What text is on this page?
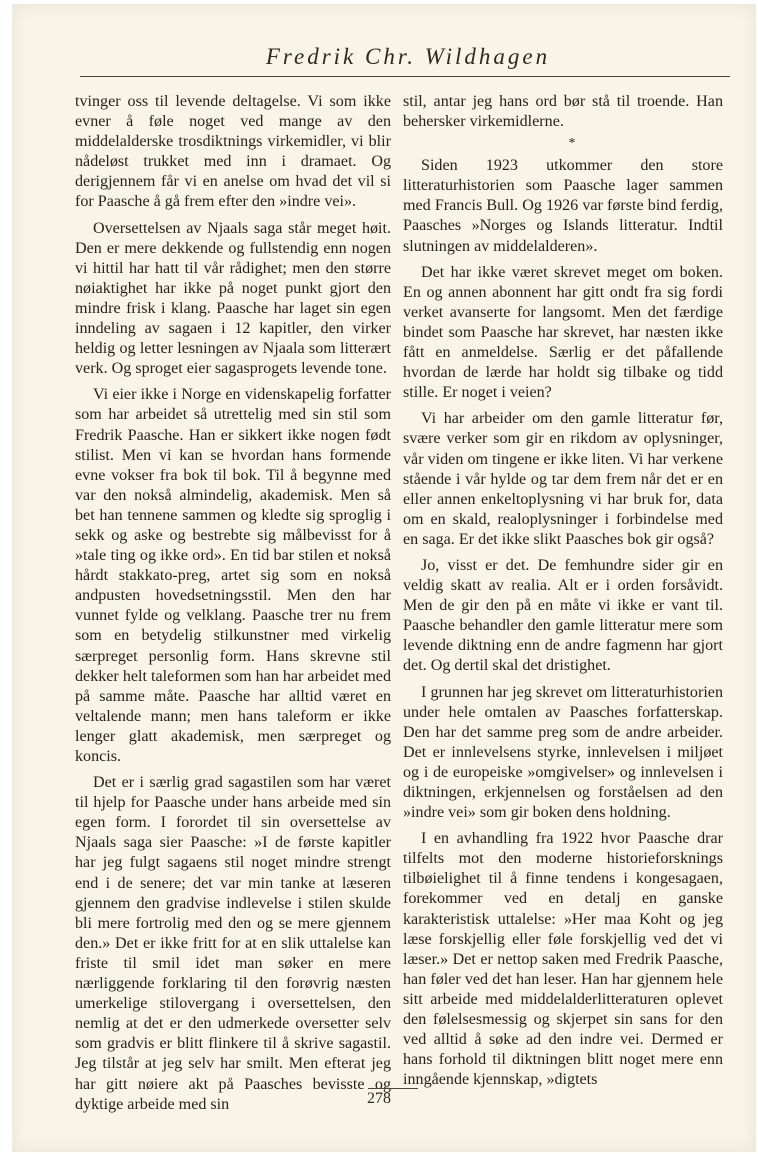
Fredrik Chr. Wildhagen

tvinger oss til levende deltagelse. Vi som ikke evner å føle noget ved mange av den middelalderske trosdiktnings virkemidler, vi blir nådeløst trukket med inn i dramaet. Og derigjennem får vi en anelse om hvad det vil si for Paasche å gå frem efter den »indre vei».

Oversettelsen av Njaals saga står meget høit. Den er mere dekkende og fullstendig enn nogen vi hittil har hatt til vår rådighet; men den større nøiaktighet har ikke på noget punkt gjort den mindre frisk i klang. Paasche har laget sin egen inndeling av sagaen i 12 kapitler, den virker heldig og letter lesningen av Njaala som litterært verk. Og sproget eier sagasprogets levende tone.

Vi eier ikke i Norge en videnskapelig forfatter som har arbeidet så utrettelig med sin stil som Fredrik Paasche. Han er sikkert ikke nogen født stilist. Men vi kan se hvordan hans formende evne vokser fra bok til bok. Til å begynne med var den nokså almindelig, akademisk. Men så bet han tennene sammen og kledte sig sproglig i sekk og aske og bestrebte sig målbevisst for å »tale ting og ikke ord». En tid bar stilen et nokså hårdt stakkato-preg, artet sig som en nokså andpusten hovedsetningsstil. Men den har vunnet fylde og velklang. Paasche trer nu frem som en betydelig stilkunstner med virkelig særpreget personlig form. Hans skrevne stil dekker helt taleformen som han har arbeidet med på samme måte. Paasche har alltid været en veltalende mann; men hans taleform er ikke lenger glatt akademisk, men særpreget og koncis.

Det er i særlig grad sagastilen som har været til hjelp for Paasche under hans arbeide med sin egen form. I forordet til sin oversettelse av Njaals saga sier Paasche: »I de første kapitler har jeg fulgt sagaens stil noget mindre strengt end i de senere; det var min tanke at læseren gjennem den gradvise indlevelse i stilen skulde bli mere fortrolig med den og se mere gjennem den.» Det er ikke fritt for at en slik uttalelse kan friste til smil idet man søker en mere nærliggende forklaring til den forøvrig næsten umerkelige stilovergang i oversettelsen, den nemlig at det er den udmerkede oversetter selv som gradvis er blitt flinkere til å skrive sagastil. Jeg tilstår at jeg selv har smilt. Men efterat jeg har gitt nøiere akt på Paasches bevisste og dyktige arbeide med sin

stil, antar jeg hans ord bør stå til troende. Han behersker virkemidlerne.

*

Siden 1923 utkommer den store litteraturhistorien som Paasche lager sammen med Francis Bull. Og 1926 var første bind ferdig, Paasches »Norges og Islands litteratur. Indtil slutningen av middelalderen».

Det har ikke været skrevet meget om boken. En og annen abonnent har gitt ondt fra sig fordi verket avanserte for langsomt. Men det færdige bindet som Paasche har skrevet, har næsten ikke fått en anmeldelse. Særlig er det påfallende hvordan de lærde har holdt sig tilbake og tidd stille. Er noget i veien?

Vi har arbeider om den gamle litteratur før, svære verker som gir en rikdom av oplysninger, vår viden om tingene er ikke liten. Vi har verkene stående i vår hylde og tar dem frem når det er en eller annen enkeltoplysning vi har bruk for, data om en skald, realoplysninger i forbindelse med en saga. Er det ikke slikt Paasches bok gir også?

Jo, visst er det. De femhundre sider gir en veldig skatt av realia. Alt er i orden forsåvidt. Men de gir den på en måte vi ikke er vant til. Paasche behandler den gamle litteratur mere som levende diktning enn de andre fagmenn har gjort det. Og dertil skal det dristighet.

I grunnen har jeg skrevet om litteraturhistorien under hele omtalen av Paasches forfatterskap. Den har det samme preg som de andre arbeider. Det er innlevelsens styrke, innlevelsen i miljøet og i de europeiske »omgivelser» og innlevelsen i diktningen, erkjennelsen og forståelsen ad den »indre vei» som gir boken dens holdning.

I en avhandling fra 1922 hvor Paasche drar tilfelts mot den moderne historieforsknings tilbøielighet til å finne tendens i kongesagaen, forekommer ved en detalj en ganske karakteristisk uttalelse: »Her maa Koht og jeg læse forskjellig eller føle forskjellig ved det vi læser.» Det er nettop saken med Fredrik Paasche, han føler ved det han leser. Han har gjennem hele sitt arbeide med middelalderlitteraturen oplevet den følelsesmessig og skjerpet sin sans for den ved alltid å søke ad den indre vei. Dermed er hans forhold til diktningen blitt noget mere enn inngående kjennskap, »digtets

278
